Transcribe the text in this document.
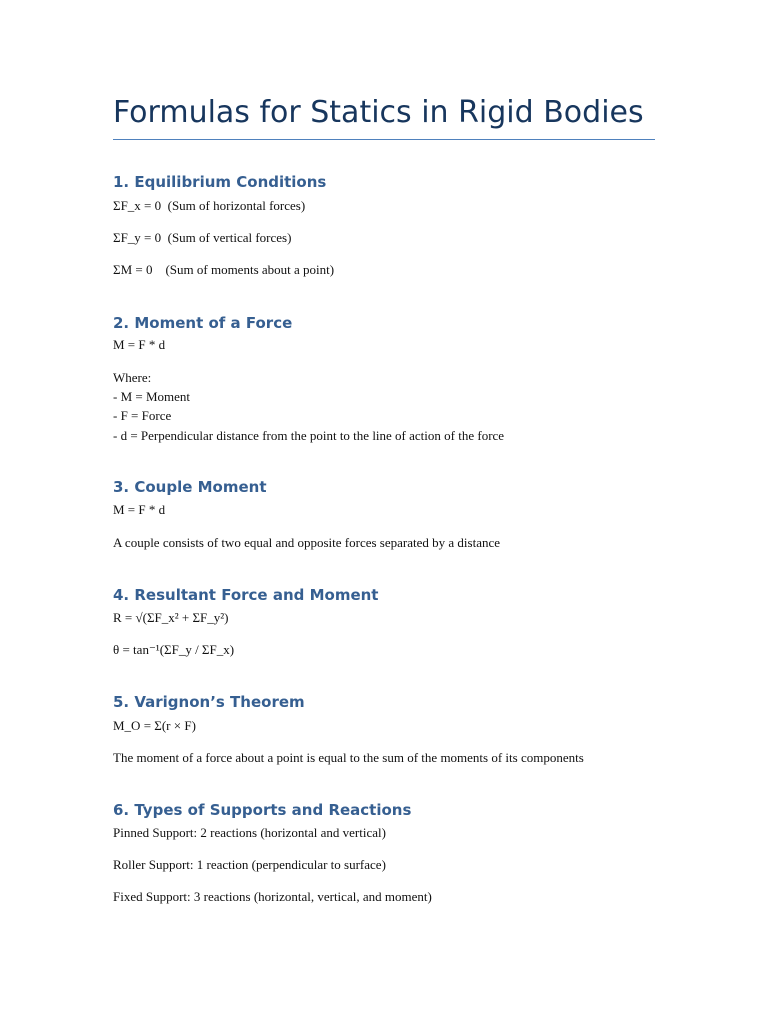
Formulas for Statics in Rigid Bodies
1. Equilibrium Conditions

ΣF_x = 0  (Sum of horizontal forces)

ΣF_y = 0  (Sum of vertical forces)

ΣM = 0    (Sum of moments about a point)

2. Moment of a Force

M = F * d

Where:

- M = Moment

- F = Force

- d = Perpendicular distance from the point to the line of action of the force

3. Couple Moment

M = F * d

A couple consists of two equal and opposite forces separated by a distance

4. Resultant Force and Moment

R = √(ΣF_x² + ΣF_y²)

θ = tan⁻¹(ΣF_y / ΣF_x)

5. Varignon’s Theorem

M_O = Σ(r × F)

The moment of a force about a point is equal to the sum of the moments of its components

6. Types of Supports and Reactions

Pinned Support: 2 reactions (horizontal and vertical)

Roller Support: 1 reaction (perpendicular to surface)

Fixed Support: 3 reactions (horizontal, vertical, and moment)
